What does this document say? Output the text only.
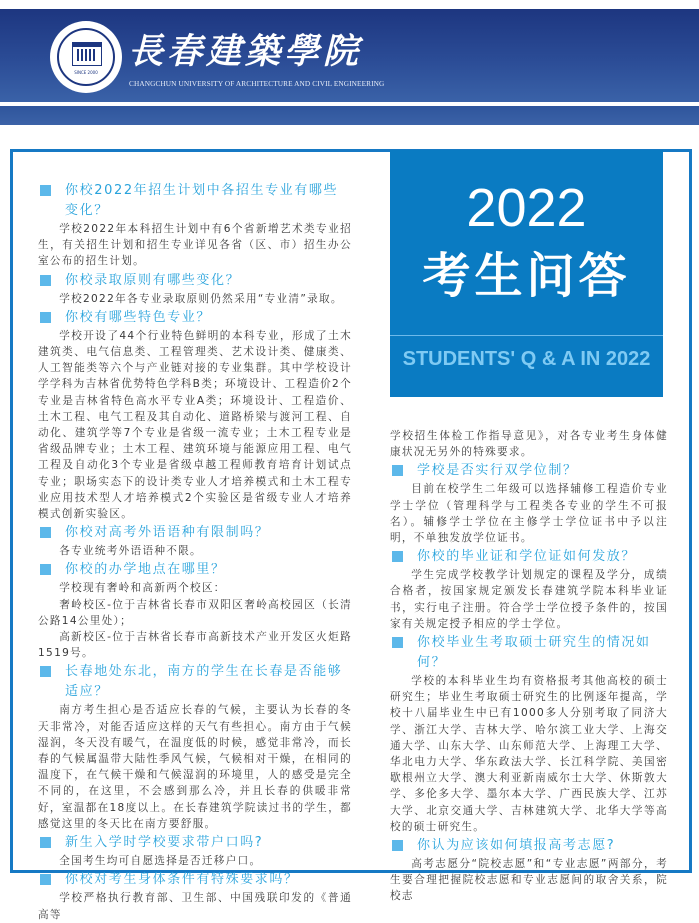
SINCE 2000
長春建築學院
CHANGCHUN UNIVERSITY OF ARCHITECTURE AND CIVIL ENGINEERING
2022
考生问答
STUDENTS' Q & A IN 2022
你校2022年招生计划中各招生专业有哪些变化？
学校2022年本科招生计划中有6个省新增艺术类专业招生，有关招生计划和招生专业详见各省（区、市）招生办公室公布的招生计划。
你校录取原则有哪些变化？
学校2022年各专业录取原则仍然采用“专业清”录取。
你校有哪些特色专业？
学校开设了44个行业特色鲜明的本科专业，形成了土木建筑类、电气信息类、工程管理类、艺术设计类、健康类、人工智能类等六个与产业链对接的专业集群。其中学校设计学学科为吉林省优势特色学科B类；环境设计、工程造价2个专业是吉林省特色高水平专业A类；环境设计、工程造价、土木工程、电气工程及其自动化、道路桥梁与渡河工程、自动化、建筑学等7个专业是省级一流专业；土木工程专业是省级品牌专业；土木工程、建筑环境与能源应用工程、电气工程及自动化3个专业是省级卓越工程师教育培育计划试点专业；职场实态下的设计类专业人才培养模式和土木工程专业应用技术型人才培养模式2个实验区是省级专业人才培养模式创新实验区。
你校对高考外语语种有限制吗？
各专业统考外语语种不限。
你校的办学地点在哪里？
学校现有奢岭和高新两个校区：
奢岭校区-位于吉林省长春市双阳区奢岭高校园区（长清公路14公里处）；
高新校区-位于吉林省长春市高新技术产业开发区火炬路1519号。
长春地处东北，南方的学生在长春是否能够适应？
南方考生担心是否适应长春的气候，主要认为长春的冬天非常冷，对能否适应这样的天气有些担心。南方由于气候湿润，冬天没有暖气，在温度低的时候，感觉非常冷，而长春的气候属温带大陆性季风气候，气候相对干燥，在相同的温度下，在气候干燥和气候湿润的环境里，人的感受是完全不同的，在这里，不会感到那么冷，并且长春的供暖非常好，室温都在18度以上。在长春建筑学院读过书的学生，都感觉这里的冬天比在南方要舒服。
新生入学时学校要求带户口吗?
全国考生均可自愿选择是否迁移户口。
你校对考生身体条件有特殊要求吗？
学校严格执行教育部、卫生部、中国残联印发的《普通高等
学校招生体检工作指导意见》，对各专业考生身体健康状况无另外的特殊要求。
学校是否实行双学位制？
目前在校学生二年级可以选择辅修工程造价专业学士学位（管理科学与工程类各专业的学生不可报名）。辅修学士学位在主修学士学位证书中予以注明，不单独发放学位证书。
你校的毕业证和学位证如何发放？
学生完成学校教学计划规定的课程及学分，成绩合格者，按国家规定颁发长春建筑学院本科毕业证书，实行电子注册。符合学士学位授予条件的，按国家有关规定授予相应的学士学位。
你校毕业生考取硕士研究生的情况如何？
学校的本科毕业生均有资格报考其他高校的硕士研究生；毕业生考取硕士研究生的比例逐年提高，学校十八届毕业生中已有1000多人分别考取了同济大学、浙江大学、吉林大学、哈尔滨工业大学、上海交通大学、山东大学、山东师范大学、上海理工大学、华北电力大学、华东政法大学、长江科学院、美国密歇根州立大学、澳大利亚新南威尔士大学、休斯敦大学、多伦多大学、墨尔本大学、广西民族大学、江苏大学、北京交通大学、吉林建筑大学、北华大学等高校的硕士研究生。
你认为应该如何填报高考志愿?
高考志愿分“院校志愿”和“专业志愿”两部分，考生要合理把握院校志愿和专业志愿间的取舍关系，院校志
